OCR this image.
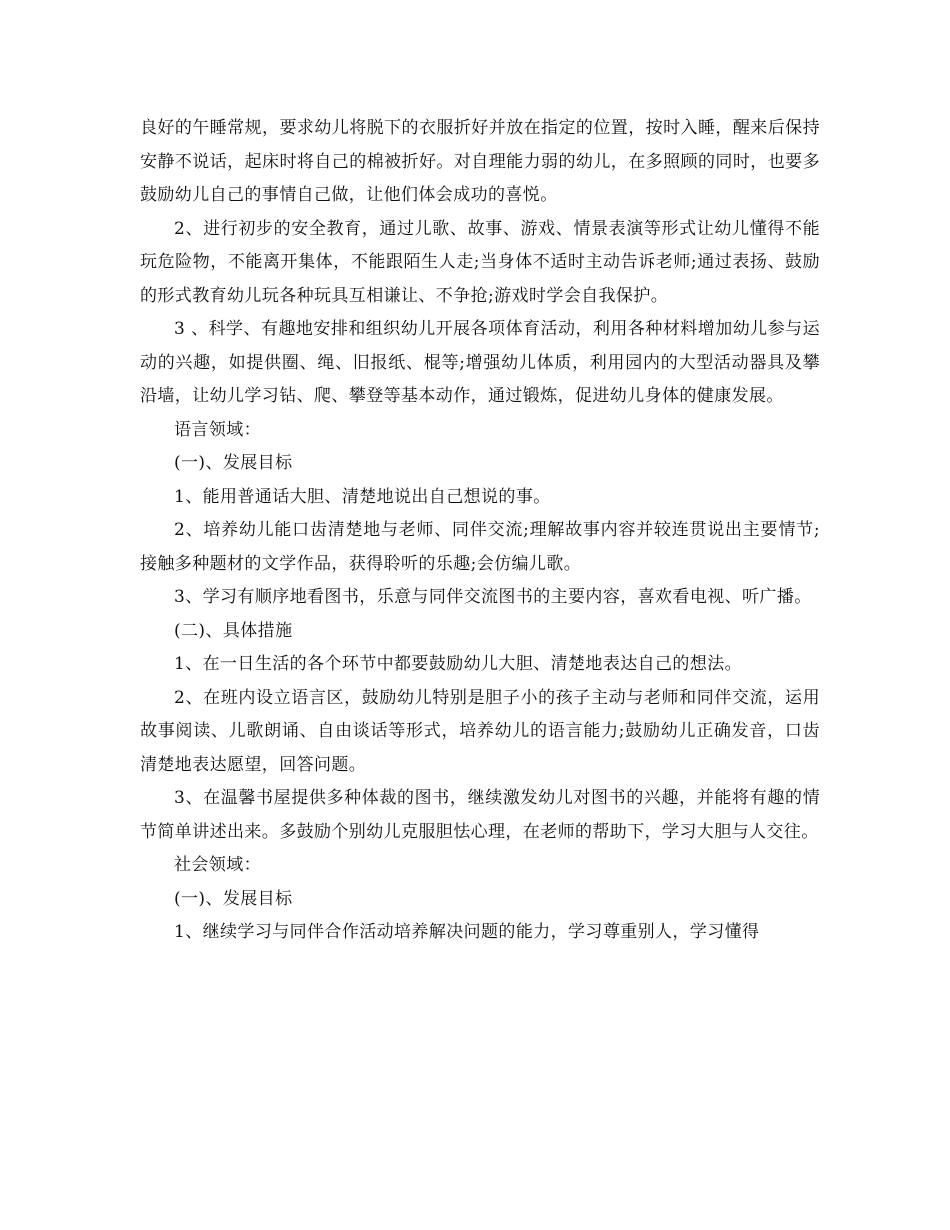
良好的午睡常规，要求幼儿将脱下的衣服折好并放在指定的位置，按时入睡，醒来后保持安静不说话，起床时将自己的棉被折好。对自理能力弱的幼儿，在多照顾的同时，也要多鼓励幼儿自己的事情自己做，让他们体会成功的喜悦。

2、进行初步的安全教育，通过儿歌、故事、游戏、情景表演等形式让幼儿懂得不能玩危险物，不能离开集体，不能跟陌生人走;当身体不适时主动告诉老师;通过表扬、鼓励的形式教育幼儿玩各种玩具互相谦让、不争抢;游戏时学会自我保护。

3 、科学、有趣地安排和组织幼儿开展各项体育活动，利用各种材料增加幼儿参与运动的兴趣，如提供圈、绳、旧报纸、棍等;增强幼儿体质，利用园内的大型活动器具及攀沿墙，让幼儿学习钻、爬、攀登等基本动作，通过锻炼，促进幼儿身体的健康发展。

语言领域：

(一)、发展目标

1、能用普通话大胆、清楚地说出自己想说的事。

2、培养幼儿能口齿清楚地与老师、同伴交流;理解故事内容并较连贯说出主要情节;接触多种题材的文学作品，获得聆听的乐趣;会仿编儿歌。

3、学习有顺序地看图书，乐意与同伴交流图书的主要内容，喜欢看电视、听广播。

(二)、具体措施

1、在一日生活的各个环节中都要鼓励幼儿大胆、清楚地表达自己的想法。

2、在班内设立语言区，鼓励幼儿特别是胆子小的孩子主动与老师和同伴交流，运用故事阅读、儿歌朗诵、自由谈话等形式，培养幼儿的语言能力;鼓励幼儿正确发音，口齿清楚地表达愿望，回答问题。

3、在温馨书屋提供多种体裁的图书，继续激发幼儿对图书的兴趣，并能将有趣的情节简单讲述出来。多鼓励个别幼儿克服胆怯心理，在老师的帮助下，学习大胆与人交往。

社会领域：

(一)、发展目标

1、继续学习与同伴合作活动培养解决问题的能力，学习尊重别人，学习懂得
